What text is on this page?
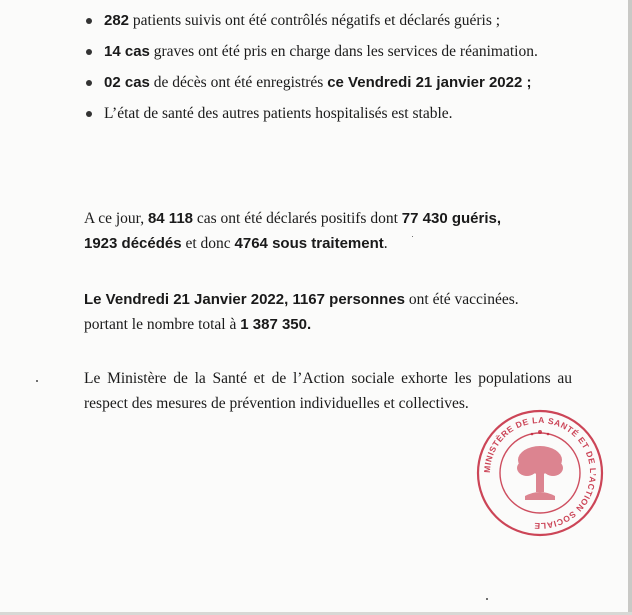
282 patients suivis ont été contrôlés négatifs et déclarés guéris ;
14 cas graves ont été pris en charge dans les services de réanimation.
02 cas de décès ont été enregistrés ce Vendredi 21 janvier 2022 ;
L’état de santé des autres patients hospitalisés est stable.

A ce jour, 84 118 cas ont été déclarés positifs dont 77 430 guéris,
1923 décédés et donc 4764 sous traitement.

Le Vendredi 21 Janvier 2022, 1167 personnes ont été vaccinées.
portant le nombre total à 1 387 350.

Le Ministère de la Santé et de l’Action sociale exhorte les populations au respect des mesures de prévention individuelles et collectives.

MINISTÈRE DE LA SANTÉ ET DE L’ACTION SOCIALE
